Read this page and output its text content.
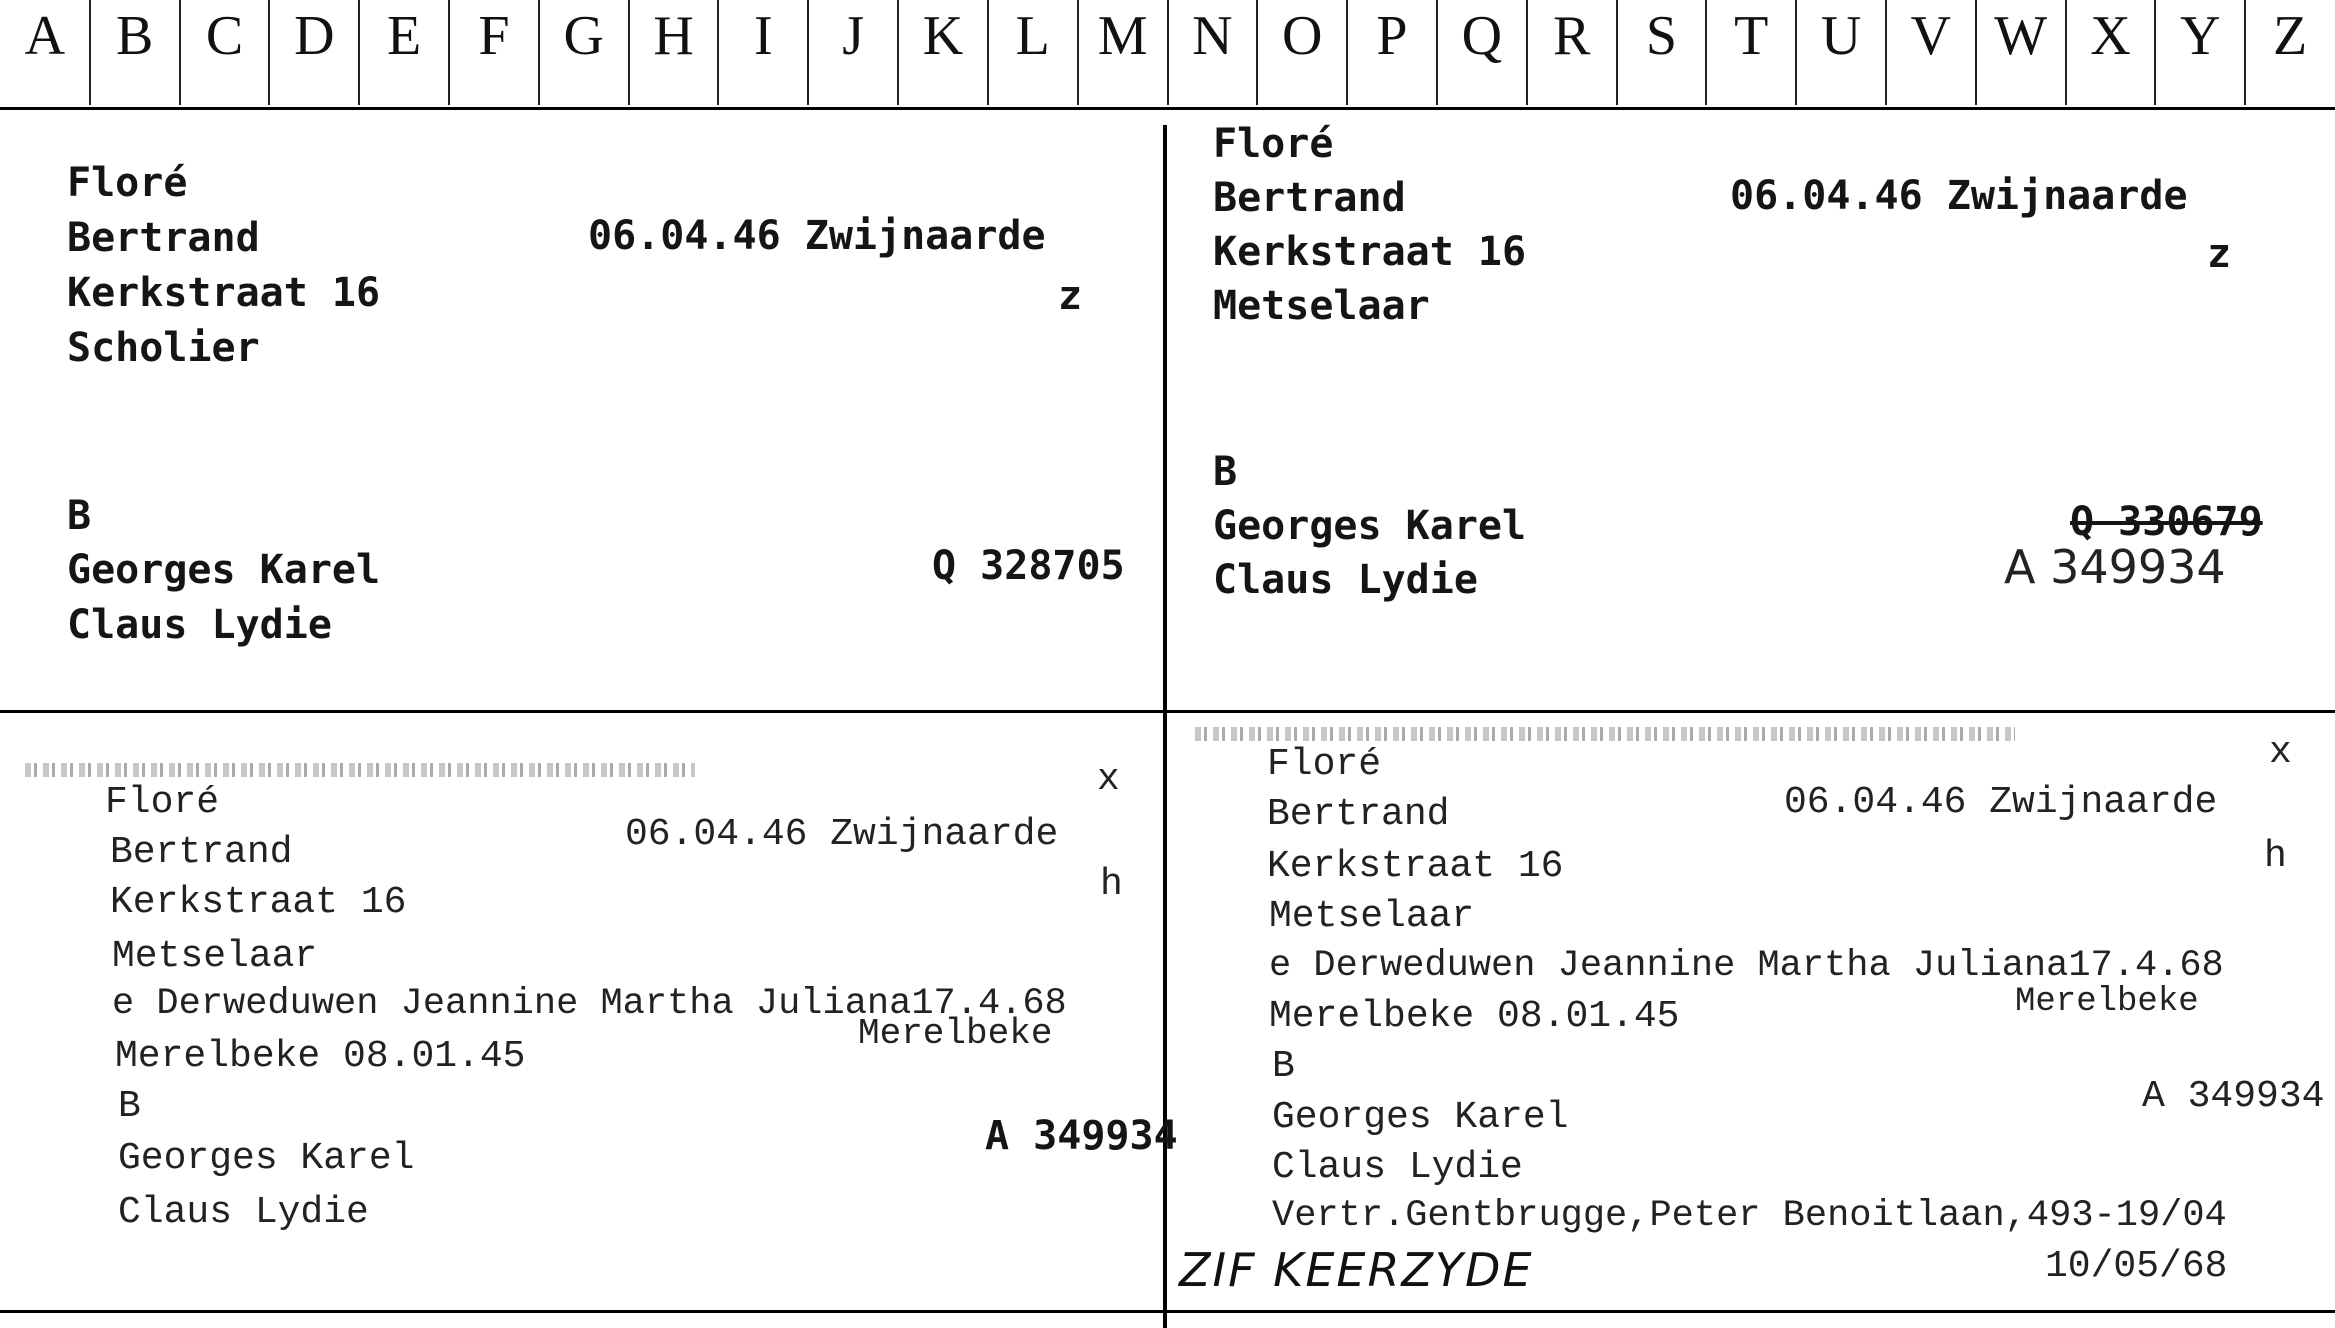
A B C D E	F G H	I	J	K L M N O P Q R S	T U V W X Y Z
Floré
Bertrand	06.04.46 Zwijnaarde
Kerkstraat 16	z
Scholier
B
Georges Karel	Q 328705
Claus Lydie
Floré
Bertrand	06.04.46 Zwijnaarde
Kerkstraat 16	z
Metselaar
B
Georges Karel	Q 330679
Claus Lydie	A 349934
x
Floré
Bertrand	06.04.46 Zwijnaarde
Kerkstraat 16	h
Metselaar
e Derweduwen Jeannine Martha Juliana17.4.68
Merelbeke 08.01.45
Merelbeke
B
Georges Karel	A 349934
Claus Lydie
x
Floré
Bertrand	06.04.46 Zwijnaarde
Kerkstraat 16	h
Metselaar
e Derweduwen Jeannine Martha Juliana17.4.68
Merelbeke 08.01.45	Merelbeke
B
Georges Karel	A 349934
Claus Lydie
Vertr.Gentbrugge,Peter Benoitlaan,493-19/04
10/05/68
ZIF KEERZYDE
